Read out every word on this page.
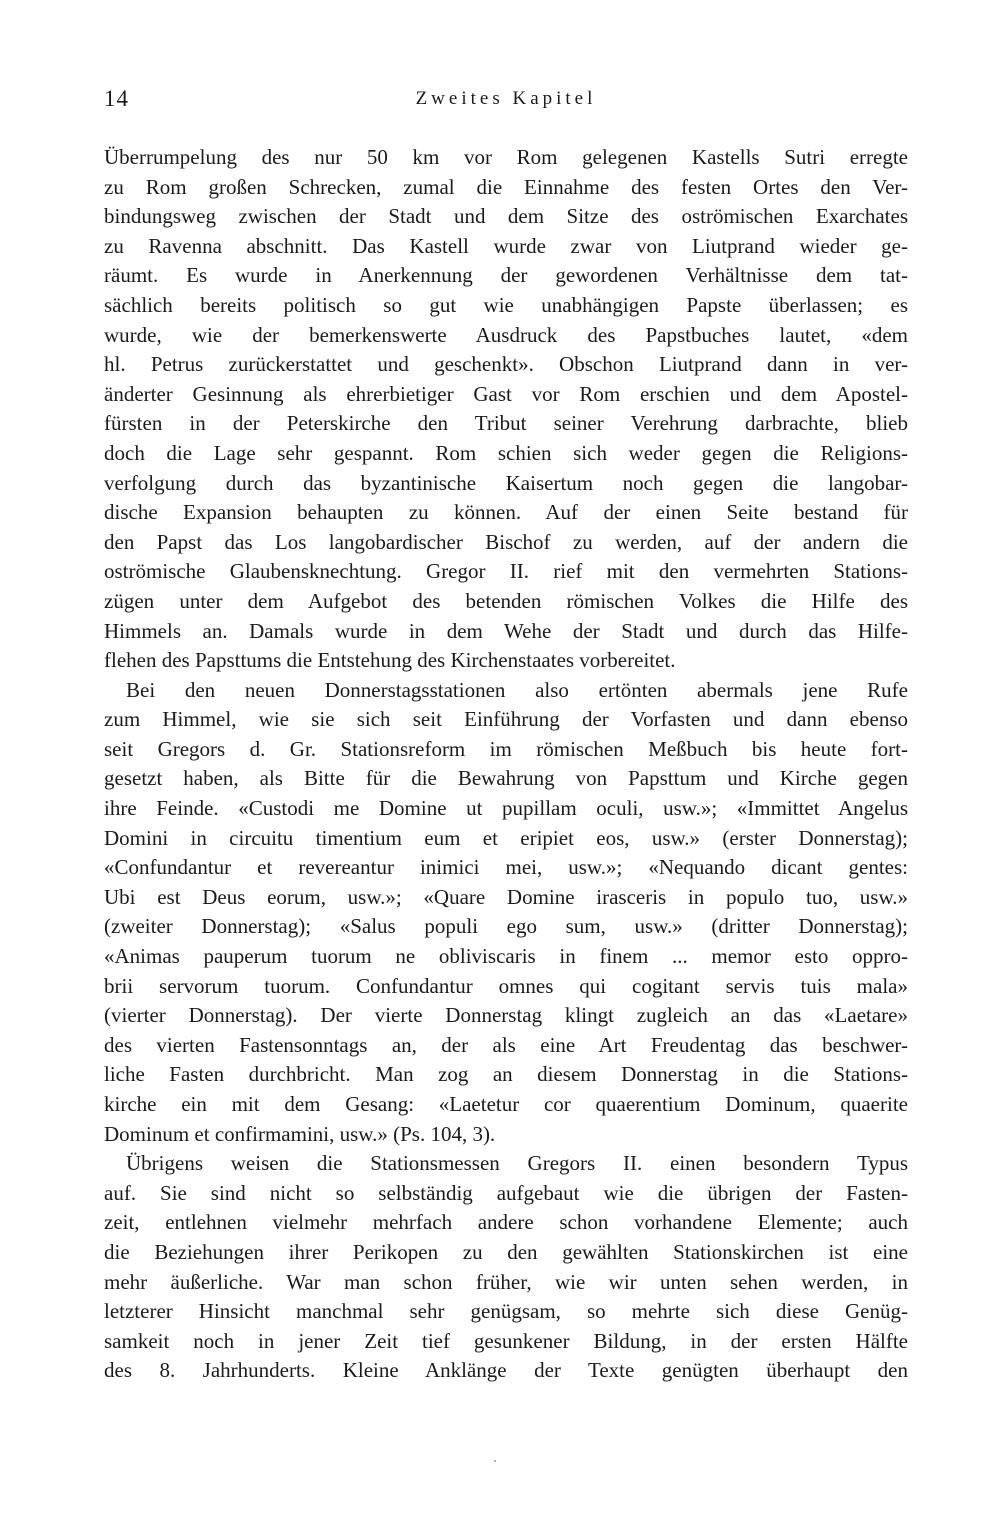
14	Zweites Kapitel
Überrumpelung des nur 50 km vor Rom gelegenen Kastells Sutri erregte
zu Rom großen Schrecken, zumal die Einnahme des festen Ortes den Ver-
bindungsweg zwischen der Stadt und dem Sitze des oströmischen Exarchates
zu Ravenna abschnitt. Das Kastell wurde zwar von Liutprand wieder ge-
räumt. Es wurde in Anerkennung der gewordenen Verhältnisse dem tat-
sächlich bereits politisch so gut wie unabhängigen Papste überlassen; es
wurde, wie der bemerkenswerte Ausdruck des Papstbuches lautet, «dem
hl. Petrus zurückerstattet und geschenkt». Obschon Liutprand dann in ver-
änderter Gesinnung als ehrerbietiger Gast vor Rom erschien und dem Apostel-
fürsten in der Peterskirche den Tribut seiner Verehrung darbrachte, blieb
doch die Lage sehr gespannt. Rom schien sich weder gegen die Religions-
verfolgung durch das byzantinische Kaisertum noch gegen die langobar-
dische Expansion behaupten zu können. Auf der einen Seite bestand für
den Papst das Los langobardischer Bischof zu werden, auf der andern die
oströmische Glaubensknechtung. Gregor II. rief mit den vermehrten Stations-
zügen unter dem Aufgebot des betenden römischen Volkes die Hilfe des
Himmels an. Damals wurde in dem Wehe der Stadt und durch das Hilfe-
flehen des Papsttums die Entstehung des Kirchenstaates vorbereitet.
Bei den neuen Donnerstagsstationen also ertönten abermals jene Rufe
zum Himmel, wie sie sich seit Einführung der Vorfasten und dann ebenso
seit Gregors d. Gr. Stationsreform im römischen Meßbuch bis heute fort-
gesetzt haben, als Bitte für die Bewahrung von Papsttum und Kirche gegen
ihre Feinde. «Custodi me Domine ut pupillam oculi, usw.»; «Immittet Angelus
Domini in circuitu timentium eum et eripiet eos, usw.» (erster Donnerstag);
«Confundantur et revereantur inimici mei, usw.»; «Nequando dicant gentes:
Ubi est Deus eorum, usw.»; «Quare Domine irasceris in populo tuo, usw.»
(zweiter Donnerstag); «Salus populi ego sum, usw.» (dritter Donnerstag);
«Animas pauperum tuorum ne obliviscaris in finem ... memor esto oppro-
brii servorum tuorum. Confundantur omnes qui cogitant servis tuis mala»
(vierter Donnerstag). Der vierte Donnerstag klingt zugleich an das «Laetare»
des vierten Fastensonntags an, der als eine Art Freudentag das beschwer-
liche Fasten durchbricht. Man zog an diesem Donnerstag in die Stations-
kirche ein mit dem Gesang: «Laetetur cor quaerentium Dominum, quaerite
Dominum et confirmamini, usw.» (Ps. 104, 3).
Übrigens weisen die Stationsmessen Gregors II. einen besondern Typus
auf. Sie sind nicht so selbständig aufgebaut wie die übrigen der Fasten-
zeit, entlehnen vielmehr mehrfach andere schon vorhandene Elemente; auch
die Beziehungen ihrer Perikopen zu den gewählten Stationskirchen ist eine
mehr äußerliche. War man schon früher, wie wir unten sehen werden, in
letzterer Hinsicht manchmal sehr genügsam, so mehrte sich diese Genüg-
samkeit noch in jener Zeit tief gesunkener Bildung, in der ersten Hälfte
des 8. Jahrhunderts. Kleine Anklänge der Texte genügten überhaupt den
